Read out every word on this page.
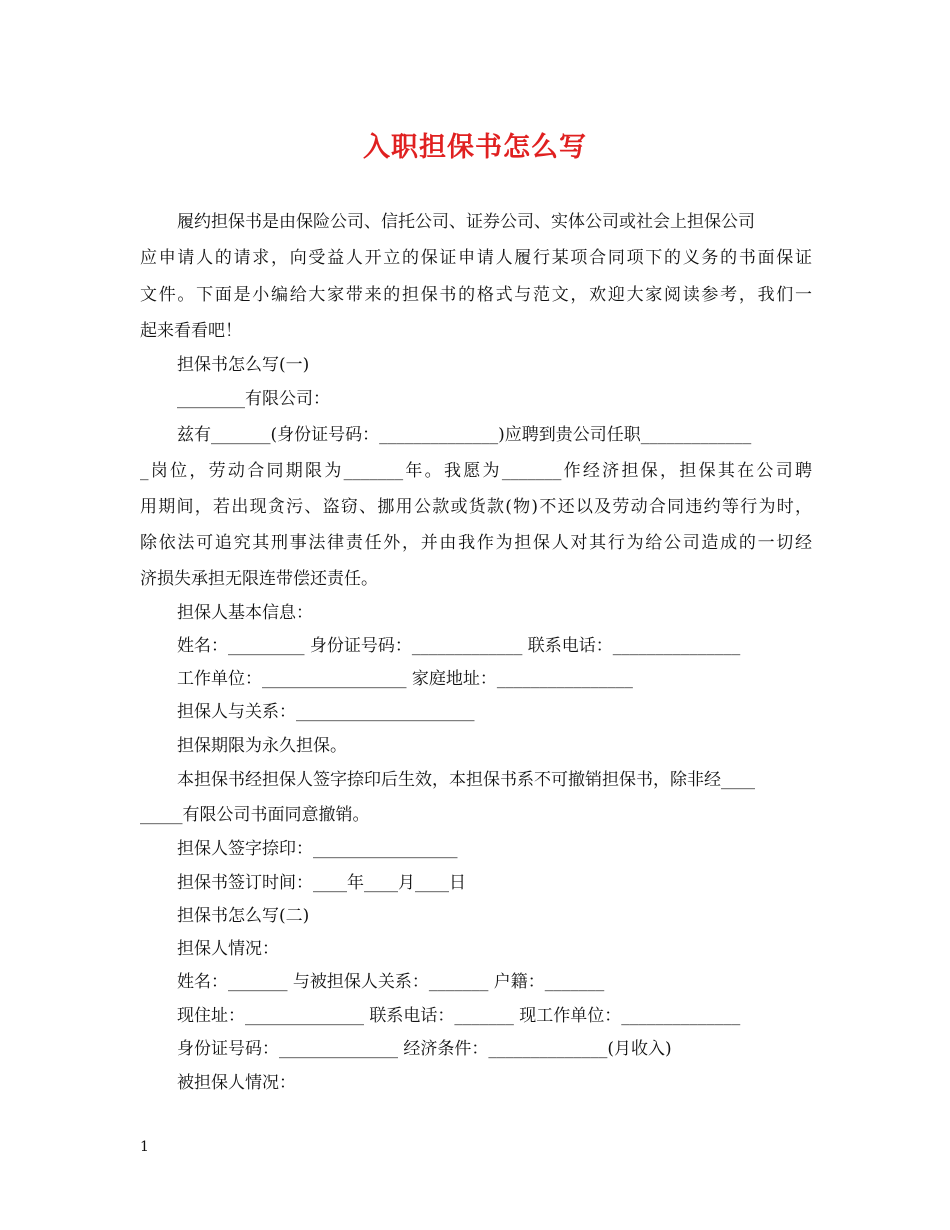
入职担保书怎么写
履约担保书是由保险公司、信托公司、证券公司、实体公司或社会上担保公司
应申请人的请求，向受益人开立的保证申请人履行某项合同项下的义务的书面保证
文件。下面是小编给大家带来的担保书的格式与范文，欢迎大家阅读参考，我们一
起来看看吧！
担保书怎么写(一)
________有限公司：
兹有_______(身份证号码：______________)应聘到贵公司任职_____________
_岗位，劳动合同期限为_______年。我愿为_______作经济担保，担保其在公司聘
用期间，若出现贪污、盗窃、挪用公款或货款(物)不还以及劳动合同违约等行为时，
除依法可追究其刑事法律责任外，并由我作为担保人对其行为给公司造成的一切经
济损失承担无限连带偿还责任。
担保人基本信息：
姓名：_________ 身份证号码：_____________ 联系电话：_______________
工作单位：_________________ 家庭地址：________________
担保人与关系：_____________________
担保期限为永久担保。
本担保书经担保人签字捺印后生效，本担保书系不可撤销担保书，除非经____
_____有限公司书面同意撤销。
担保人签字捺印：_________________
担保书签订时间：____年____月____日
担保书怎么写(二)
担保人情况：
姓名：_______ 与被担保人关系：_______ 户籍：_______
现住址：______________ 联系电话：_______ 现工作单位：______________
身份证号码：______________ 经济条件：______________(月收入)
被担保人情况：
1
